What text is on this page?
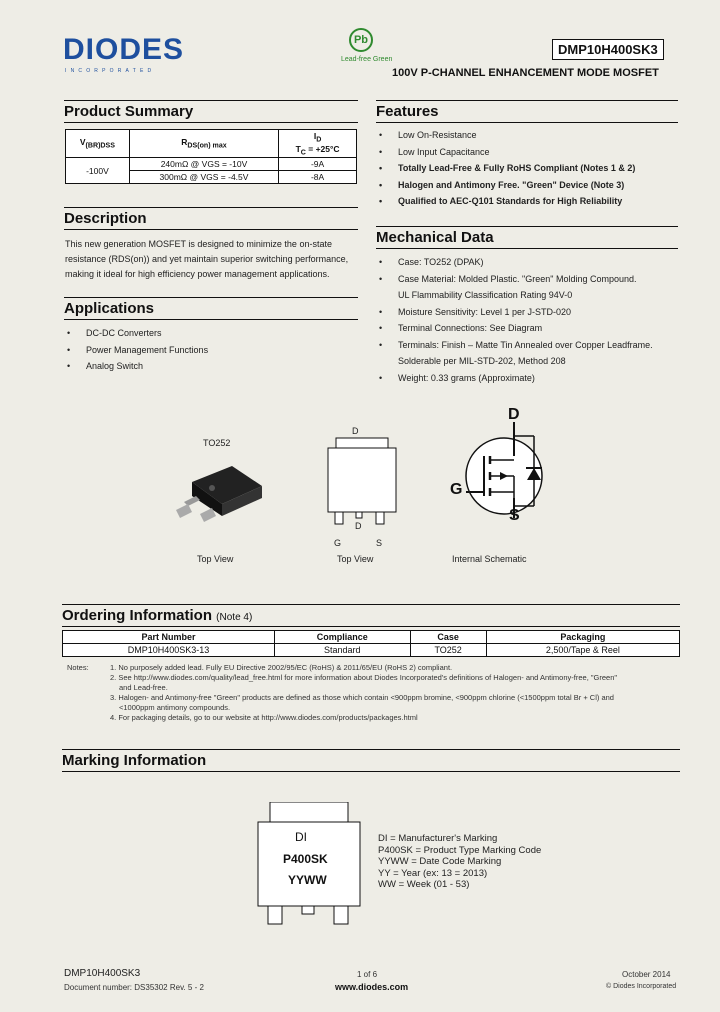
DIODES
INCORPORATED
Pb
Lead-free Green
DMP10H400SK3
100V P-CHANNEL ENHANCEMENT MODE MOSFET
Product Summary
$V_{(BR)DSS}$	$R_{DS(on) max}$	$I_D$
$T_C = +25^\circ C$
-100V	240mΩ @ VGS = -10V	-9A
	300mΩ @ VGS = -4.5V	-8A
Description
This new generation MOSFET is designed to minimize the on-state
resistance (RDS(on)) and yet maintain superior switching performance,
making it ideal for high efficiency power management applications.
Applications
• DC-DC Converters
• Power Management Functions
• Analog Switch
Features
• Low On-Resistance
• Low Input Capacitance
• Totally Lead-Free & Fully RoHS Compliant (Notes 1 & 2)
• Halogen and Antimony Free. "Green" Device (Note 3)
• Qualified to AEC-Q101 Standards for High Reliability
Mechanical Data
• Case: TO252 (DPAK)
• Case Material: Molded Plastic. "Green" Molding Compound.
UL Flammability Classification Rating 94V-0
• Moisture Sensitivity: Level 1 per J-STD-020
• Terminal Connections: See Diagram
• Terminals: Finish – Matte Tin Annealed over Copper Leadframe.
Solderable per MIL-STD-202, Method 208
• Weight: 0.33 grams (Approximate)
TO252
Top View
D
D
G	S
Top View
D
G
S
Internal Schematic
Ordering Information (Note 4)
Part Number	Compliance	Case	Packaging
DMP10H400SK3-13	Standard	TO252	2,500/Tape & Reel
Notes:	1. No purposely added lead. Fully EU Directive 2002/95/EC (RoHS) & 2011/65/EU (RoHS 2) compliant.
2. See http://www.diodes.com/quality/lead_free.html for more information about Diodes Incorporated's definitions of Halogen- and Antimony-free, "Green"
and Lead-free.
3. Halogen- and Antimony-free "Green" products are defined as those which contain <900ppm bromine, <900ppm chlorine (<1500ppm total Br + Cl) and
<1000ppm antimony compounds.
4. For packaging details, go to our website at http://www.diodes.com/products/packages.html
Marking Information
DI
P400SK
YYWW
DI = Manufacturer's Marking
P400SK = Product Type Marking Code
YYWW = Date Code Marking
YY = Year (ex: 13 = 2013)
WW = Week (01 - 53)
DMP10H400SK3
Document number: DS35302 Rev. 5 - 2
1 of 6
www.diodes.com
October 2014
© Diodes Incorporated
